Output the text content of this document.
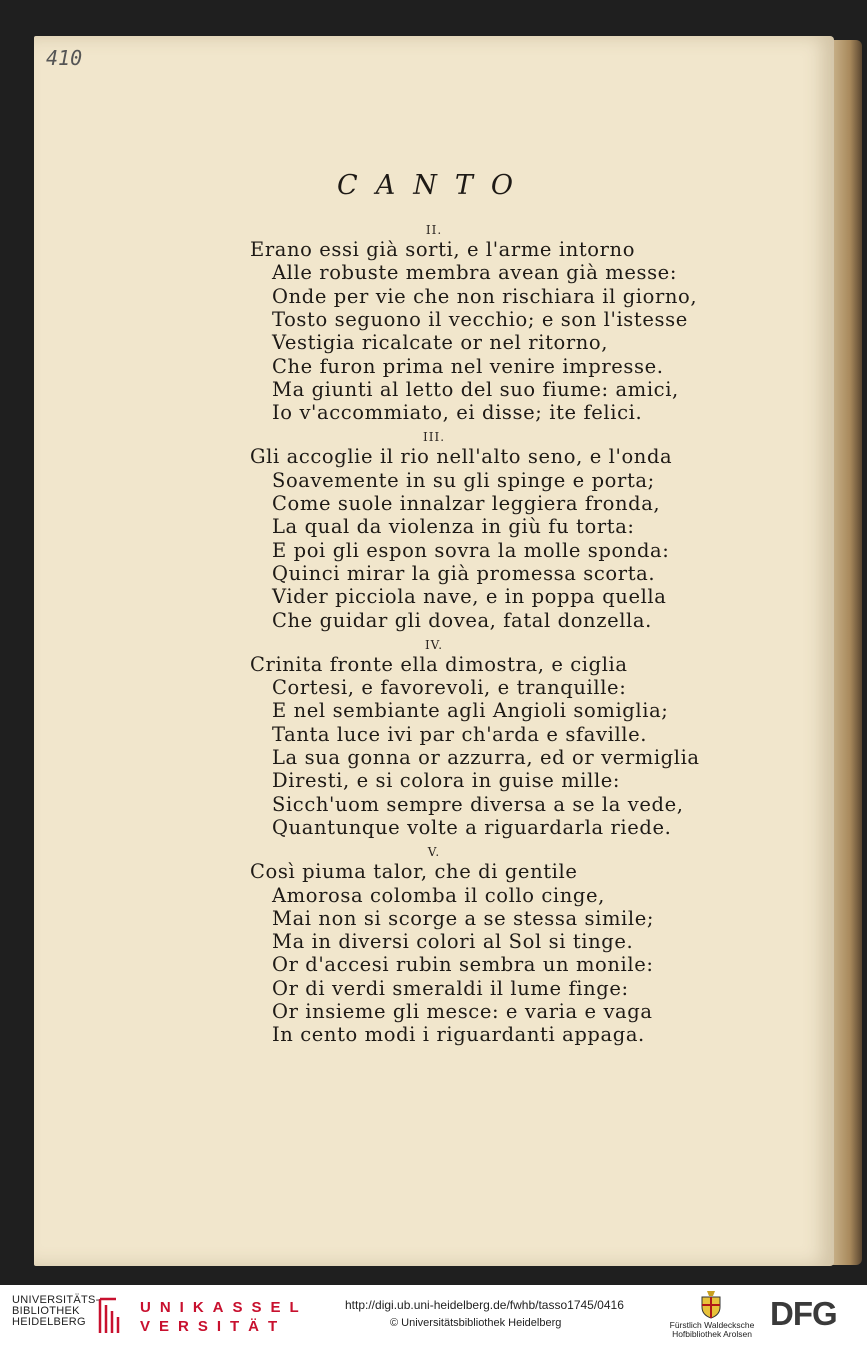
410
CANTO
II.
Erano essi già sorti, e l'arme intorno
Alle robuste membra avean già messe:
Onde per vie che non rischiara il giorno,
Tosto seguono il vecchio; e son l'istesse
Vestigia ricalcate or nel ritorno,
Che furon prima nel venire impresse.
Ma giunti al letto del suo fiume: amici,
Io v'accommiato, ei disse; ite felici.
III.
Gli accoglie il rio nell'alto seno, e l'onda
Soavemente in su gli spinge e porta;
Come suole innalzar leggiera fronda,
La qual da violenza in giù fu torta:
E poi gli espon sovra la molle sponda:
Quinci mirar la già promessa scorta.
Vider picciola nave, e in poppa quella
Che guidar gli dovea, fatal donzella.
IV.
Crinita fronte ella dimostra, e ciglia
Cortesi, e favorevoli, e tranquille:
E nel sembiante agli Angioli somiglia;
Tanta luce ivi par ch'arda e sfaville.
La sua gonna or azzurra, ed or vermiglia
Diresti, e si colora in guise mille:
Sicch'uom sempre diversa a se la vede,
Quantunque volte a riguardarla riede.
V.
Così piuma talor, che di gentile
Amorosa colomba il collo cinge,
Mai non si scorge a se stessa simile;
Ma in diversi colori al Sol si tinge.
Or d'accesi rubin sembra un monile:
Or di verdi smeraldi il lume finge:
Or insieme gli mesce: e varia e vaga
In cento modi i riguardanti appaga.
UNIVERSITÄTS-
BIBLIOTHEK
HEIDELBERG
UNIKASSEL
VERSITÄT
http://digi.ub.uni-heidelberg.de/fwhb/tasso1745/0416
© Universitätsbibliothek Heidelberg	Fürstlich Waldecksche
Hofbibliothek Arolsen
DFG
